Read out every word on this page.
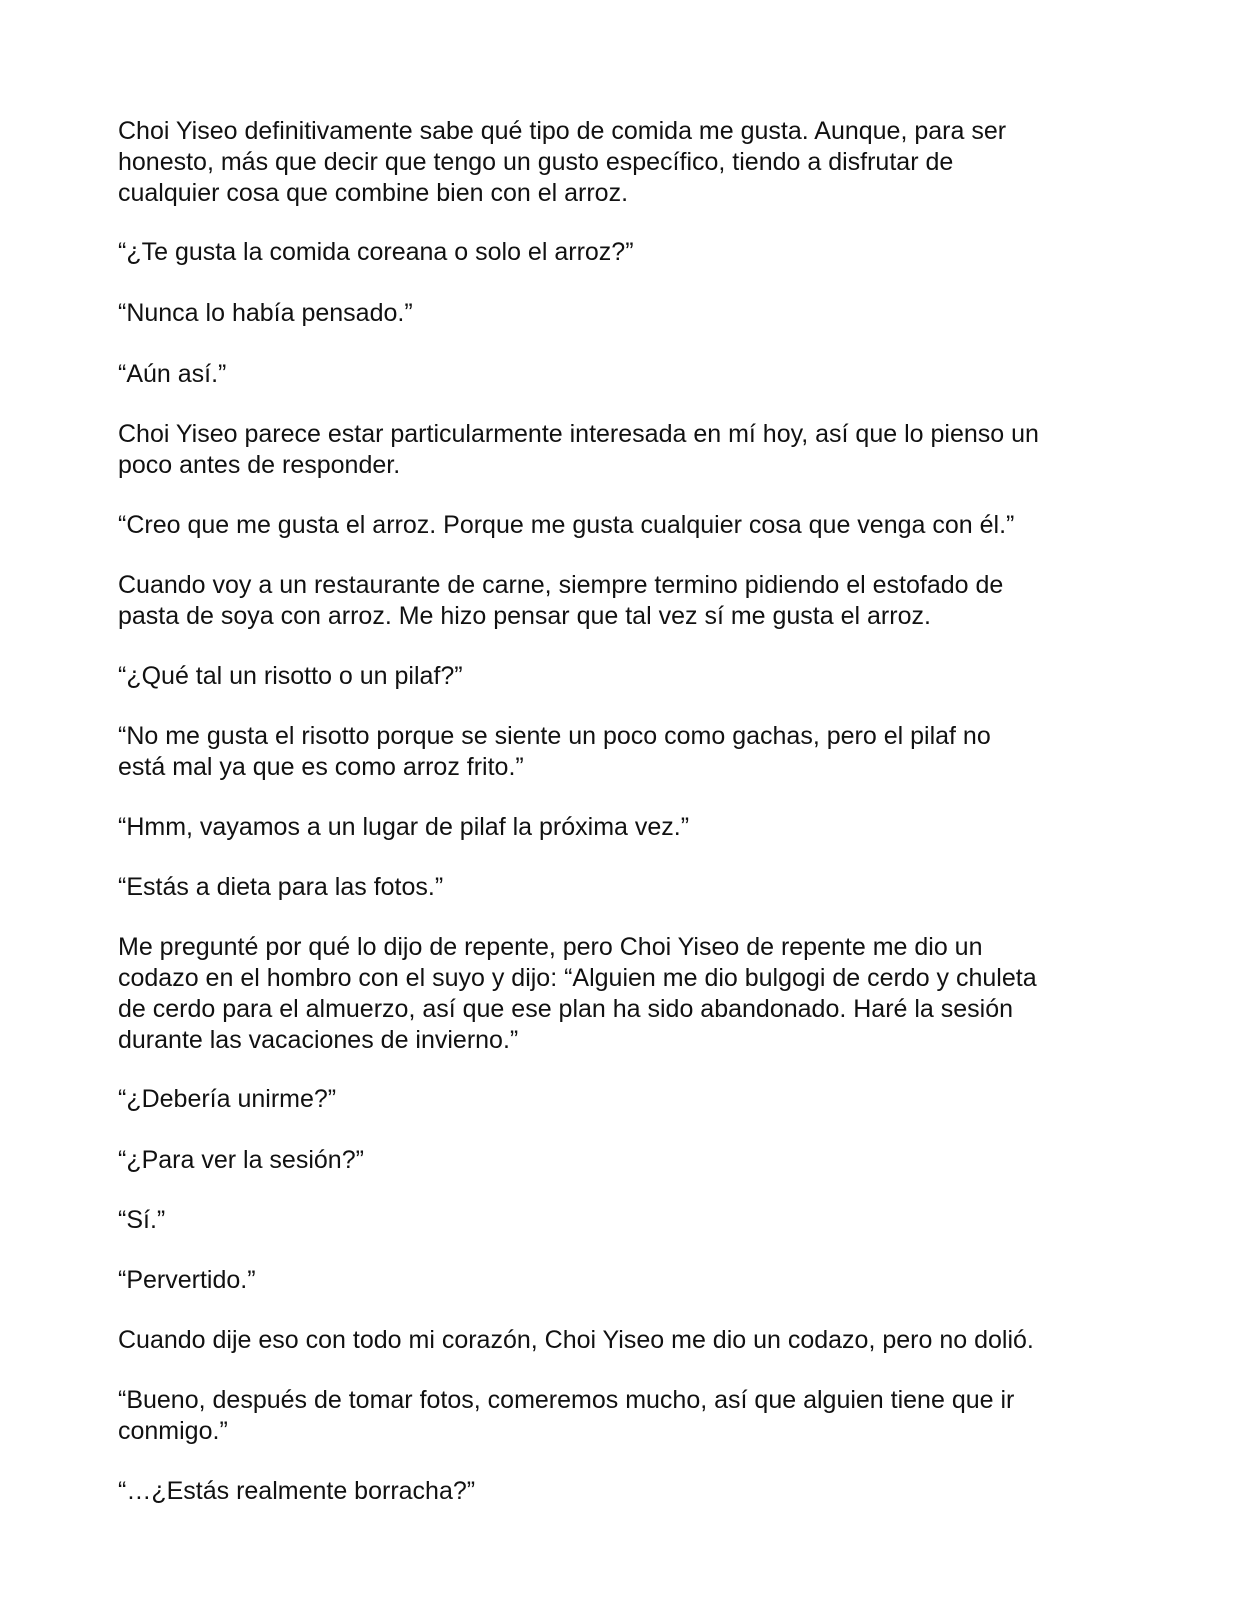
Choi Yiseo definitivamente sabe qué tipo de comida me gusta. Aunque, para ser
honesto, más que decir que tengo un gusto específico, tiendo a disfrutar de
cualquier cosa que combine bien con el arroz.

“¿Te gusta la comida coreana o solo el arroz?”

“Nunca lo había pensado.”

“Aún así.”

Choi Yiseo parece estar particularmente interesada en mí hoy, así que lo pienso un
poco antes de responder.

“Creo que me gusta el arroz. Porque me gusta cualquier cosa que venga con él.”

Cuando voy a un restaurante de carne, siempre termino pidiendo el estofado de
pasta de soya con arroz. Me hizo pensar que tal vez sí me gusta el arroz.

“¿Qué tal un risotto o un pilaf?”

“No me gusta el risotto porque se siente un poco como gachas, pero el pilaf no
está mal ya que es como arroz frito.”

“Hmm, vayamos a un lugar de pilaf la próxima vez.”

“Estás a dieta para las fotos.”

Me pregunté por qué lo dijo de repente, pero Choi Yiseo de repente me dio un
codazo en el hombro con el suyo y dijo: “Alguien me dio bulgogi de cerdo y chuleta
de cerdo para el almuerzo, así que ese plan ha sido abandonado. Haré la sesión
durante las vacaciones de invierno.”

“¿Debería unirme?”

“¿Para ver la sesión?”

“Sí.”

“Pervertido.”

Cuando dije eso con todo mi corazón, Choi Yiseo me dio un codazo, pero no dolió.

“Bueno, después de tomar fotos, comeremos mucho, así que alguien tiene que ir
conmigo.”

“…¿Estás realmente borracha?”
